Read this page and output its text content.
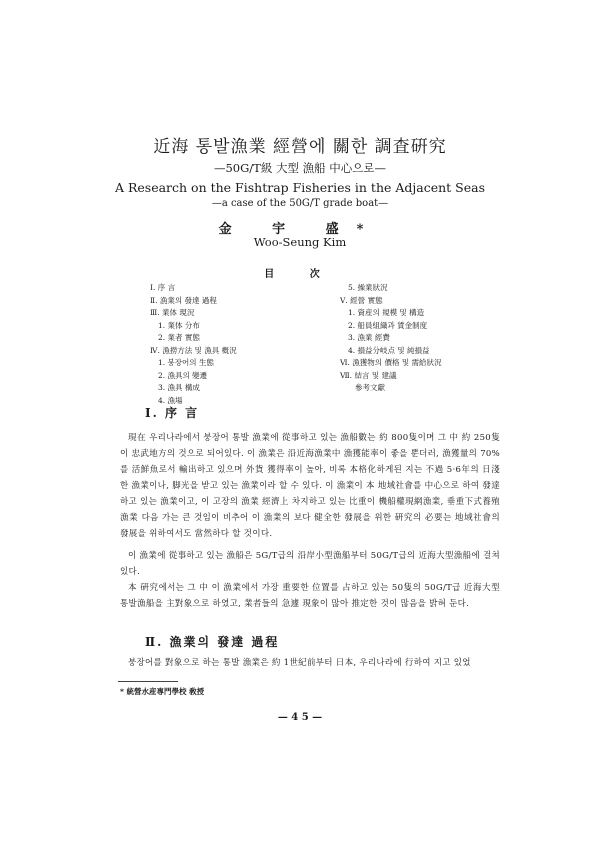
近海 통발漁業 經營에 關한 調査硏究
—50G/T級 大型 漁船 中心으로—
A Research on the Fishtrap Fisheries in the Adjacent Seas
—a case of the 50G/T grade boat—
金 宇 盛*
Woo-Seung Kim
目 次
Ⅰ. 序 言
Ⅱ. 漁業의 發達 過程
Ⅲ. 業体 現況
1. 業体 分布
2. 業者 實態
Ⅳ. 漁撈方法 및 漁具 槪況
1. 붕장어의 生態
2. 漁具의 變遷
3. 漁具 構成
4. 漁場
5. 操業狀況
Ⅴ. 經營 實態
1. 資産의 規模 및 構造
2. 船員組織과 賃金制度
3. 漁業 經費
4. 損益分岐点 및 純損益
Ⅵ. 漁獲物의 價格 및 需給狀況
Ⅶ. 結言 및 建議
參考文獻
Ⅰ. 序 言
現在 우리나라에서 붕장어 통발 漁業에 從事하고 있는 漁船數는 約 800隻이며 그 中 約 250隻이 忠武地方의 것으로 되어있다. 이 漁業은 沿近海漁業中 漁獲能率이 좋을 뿐더러, 漁獲量의 70%를 活鮮魚로서 輸出하고 있으며 外貨 獲得率이 높아, 비록 本格化하게된 지는 不過 5·6年의 日淺한 漁業이나, 脚光을 받고 있는 漁業이라 할 수 있다. 이 漁業이 本 地域社會를 中心으로 하여 發達하고 있는 漁業이고, 이 고장의 漁業 經濟上 차지하고 있는 比重이 機船權現網漁業, 垂重下式養殖漁業 다음 가는 큰 것임이 비추어 이 漁業의 보다 健全한 發展을 위한 硏究의 必要는 地域社會의 發展을 위하여서도 當然하다 할 것이다.
이 漁業에 從事하고 있는 漁船은 5G/T급의 沿岸小型漁船부터 50G/T급의 近海大型漁船에 걸쳐 있다.
本 硏究에서는 그 中 이 漁業에서 가장 重要한 位置를 占하고 있는 50隻의 50G/T급 近海大型통발漁船을 主對象으로 하였고, 業者들의 急遽 現象이 많아 推定한 것이 많음을 밝혀 둔다.
Ⅱ. 漁業의 發達 過程
붕장어를 對象으로 하는 통발 漁業은 約 1世紀前부터 日本, 우리나라에 行하여 지고 있었
* 統營水産專門學校 敎授
— 4 5 —
